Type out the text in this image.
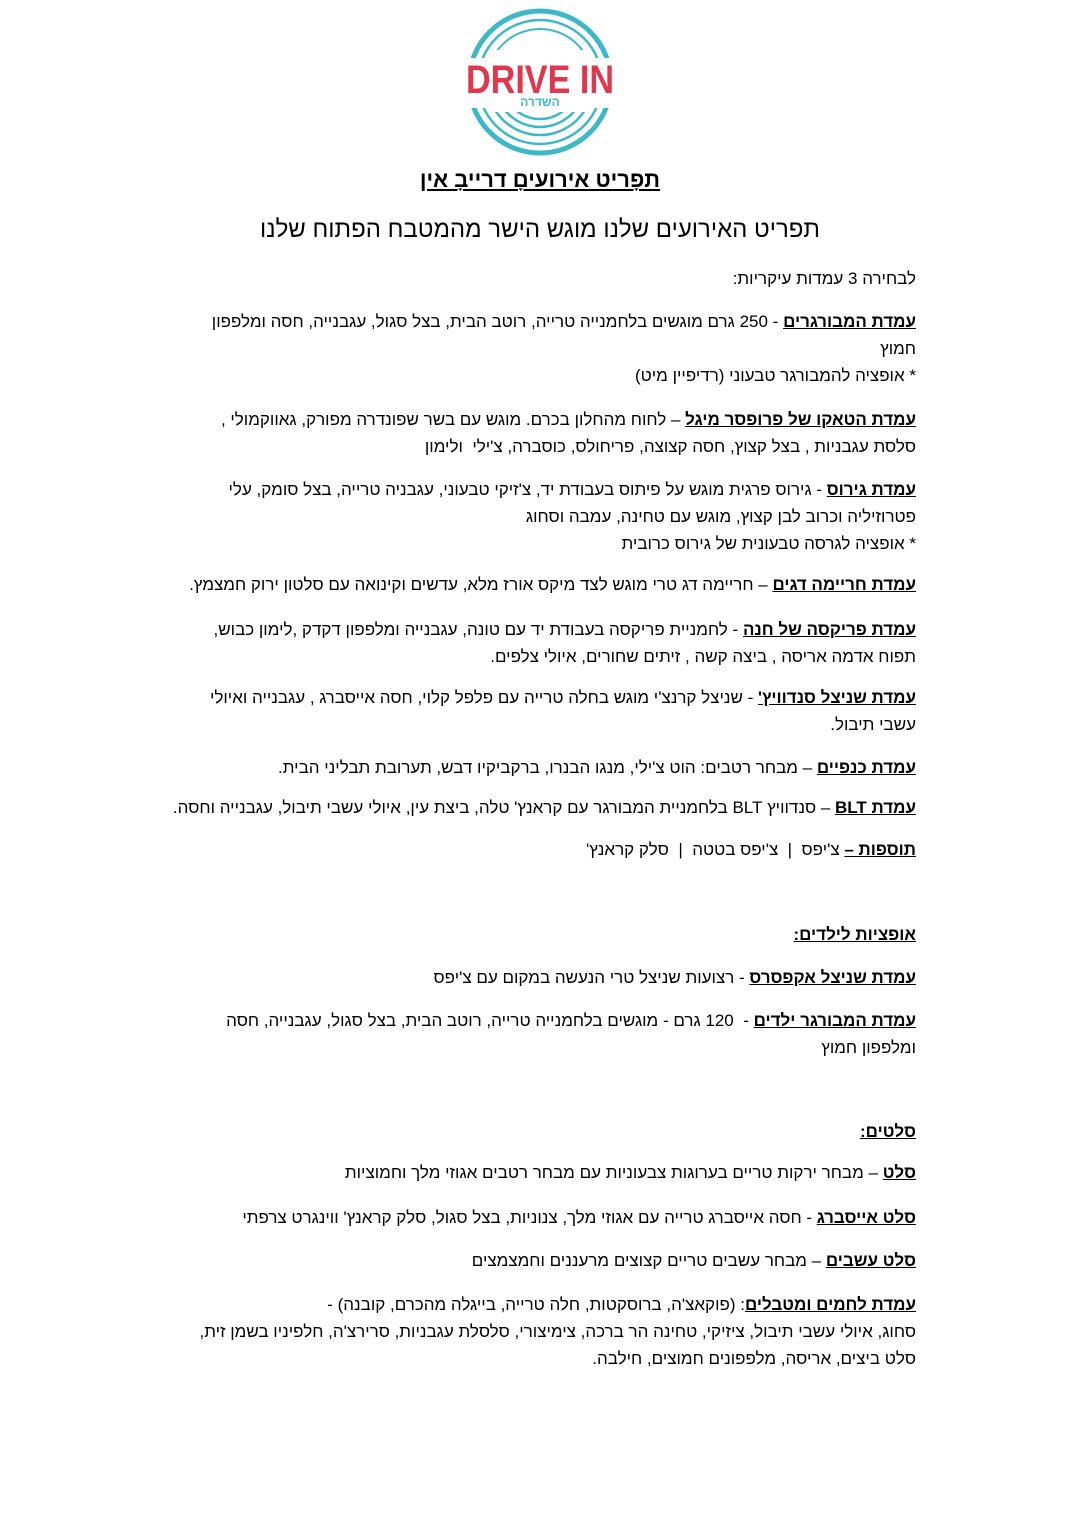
DRIVE IN
השדרה
תפָריט אירועיםָ דרייבָ אין
תפריט האירועים שלנו מוגש הישר מהמטבח הפתוח שלנו
לבחירה 3 עמדות עיקריות:
עמדת המבורגרים - 250 גרם מוגשים בלחמנייה טרייה, רוטב הבית, בצל סגול, עגבנייה, חסה ומלפפון
חמוץ
* אופציה להמבורגר טבעוני (רדיפיין מיט)
עמדת הטאקו של פרופסר מיגל – לחוח מהחלון בכרם. מוגש עם בשר שפונדרה מפורק, גאווקמולי ,
סלסת עגבניות , בצל קצוץ, חסה קצוצה, פריחולס, כוסברה, צ'ילי  ולימון
עמדת גירוס - גירוס פרגית מוגש על פיתוס בעבודת יד, צ'זיקי טבעוני, עגבניה טרייה, בצל סומק, עלי
פטרוזיליה וכרוב לבן קצוץ, מוגש עם טחינה, עמבה וסחוג
* אופציה לגרסה טבעונית של גירוס כרובית
עמדת חריימה דגים – חריימה דג טרי מוגש לצד מיקס אורז מלא, עדשים וקינואה עם סלטון ירוק חמצמץ.
עמדת פריקסה של חנה - לחמניית פריקסה בעבודת יד עם טונה, עגבנייה ומלפפון דקדק ,לימון כבוש,
תפוח אדמה אריסה , ביצה קשה , זיתים שחורים, איולי צלפים.
עמדת שניצל סנדוויץ' - שניצל קרנצ'י מוגש בחלה טרייה עם פלפל קלוי, חסה אייסברג , עגבנייה ואיולי
עשבי תיבול.
עמדת כנפיים – מבחר רטבים: הוט צ'ילי, מנגו הבנרו, ברקביקיו דבש, תערובת תבליני הבית.
עמדת BLT – סנדוויץ BLT בלחמניית המבורגר עם קראנץ' טלה, ביצת עין, איולי עשבי תיבול, עגבנייה וחסה.
תוספות – צ'יפס  |  צ'יפס בטטה  |  סלק קראנץ'
אופציות לילדים:
עמדת שניצל אקפסרס - רצועות שניצל טרי הנעשה במקום עם צ'יפס
עמדת המבורגר ילדים -  120 גרם - מוגשים בלחמנייה טרייה, רוטב הבית, בצל סגול, עגבנייה, חסה
ומלפפון חמוץ
סלטים:
סלט – מבחר ירקות טריים בערוגות צבעוניות עם מבחר רטבים אגוזי מלך וחמוציות
סלט אייסברג - חסה אייסברג טרייה עם אגוזי מלך, צנוניות, בצל סגול, סלק קראנץ' ווינגרט צרפתי
סלט עשבים – מבחר עשבים טריים קצוצים מרעננים וחמצמצים
עמדת לחמים ומטבלים: (פוקאצ'ה, ברוסקטות, חלה טרייה, בייגלה מהכרם, קובנה) -
סחוג, איולי עשבי תיבול, ציזיקי, טחינה הר ברכה, צימיצורי, סלסלת עגבניות, סרירצ'ה, חלפיניו בשמן זית,
סלט ביצים, אריסה, מלפפונים חמוצים, חילבה.
